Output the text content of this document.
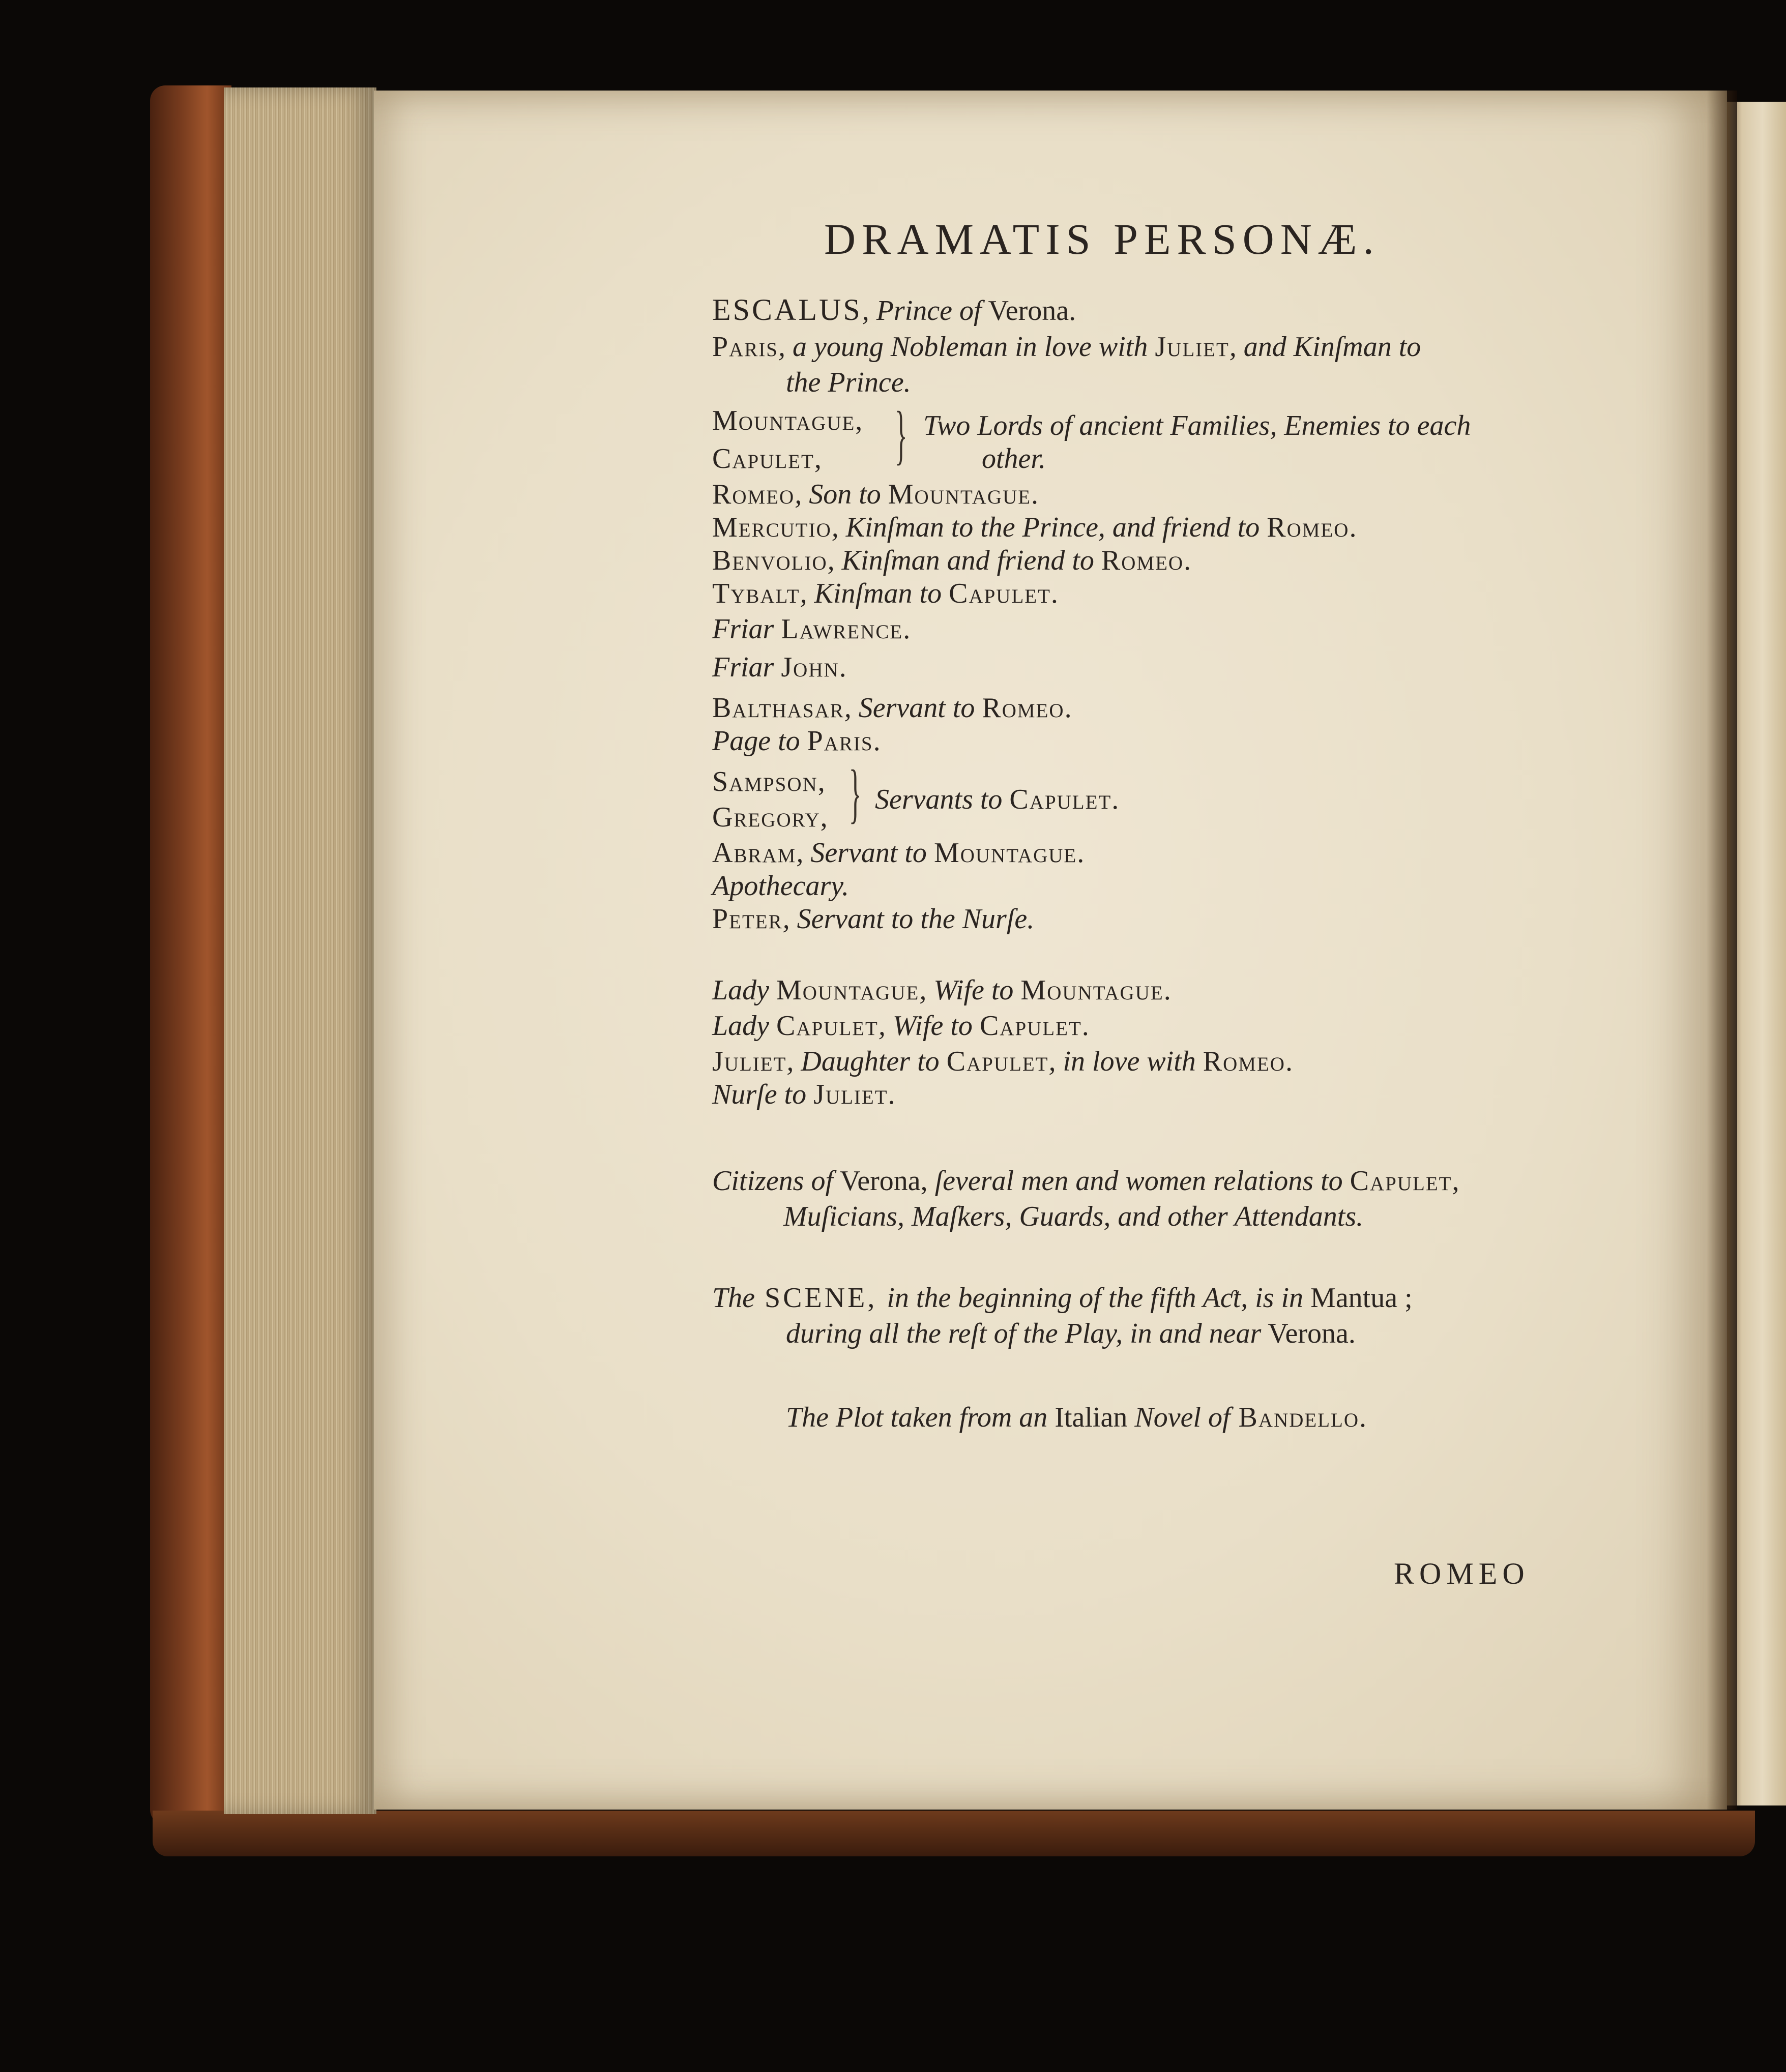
DRAMATIS PERSONÆ.
ESCALUS, Prince of Verona.
Paris, a young Nobleman in love with Juliet, and Kinſman to
the Prince.
Mountague,
Capulet, } Two Lords of ancient Families, Enemies to each
other.
Romeo, Son to Mountague.
Mercutio, Kinſman to the Prince, and friend to Romeo.
Benvolio, Kinſman and friend to Romeo.
Tybalt, Kinſman to Capulet.
Friar Lawrence.
Friar John.
Balthasar, Servant to Romeo.
Page to Paris.
Sampson,
Gregory, } Servants to Capulet.
Abram, Servant to Mountague.
Apothecary.
Peter, Servant to the Nurſe.
Lady Mountague, Wife to Mountague.
Lady Capulet, Wife to Capulet.
Juliet, Daughter to Capulet, in love with Romeo.
Nurſe to Juliet.
Citizens of Verona, ſeveral men and women relations to Capulet,
Muſicians, Maſkers, Guards, and other Attendants.
The SCENE, in the beginning of the fifth Aƈt, is in Mantua ;
during all the reſt of the Play, in and near Verona.
The Plot taken from an Italian Novel of Bandello.
ROMEO
